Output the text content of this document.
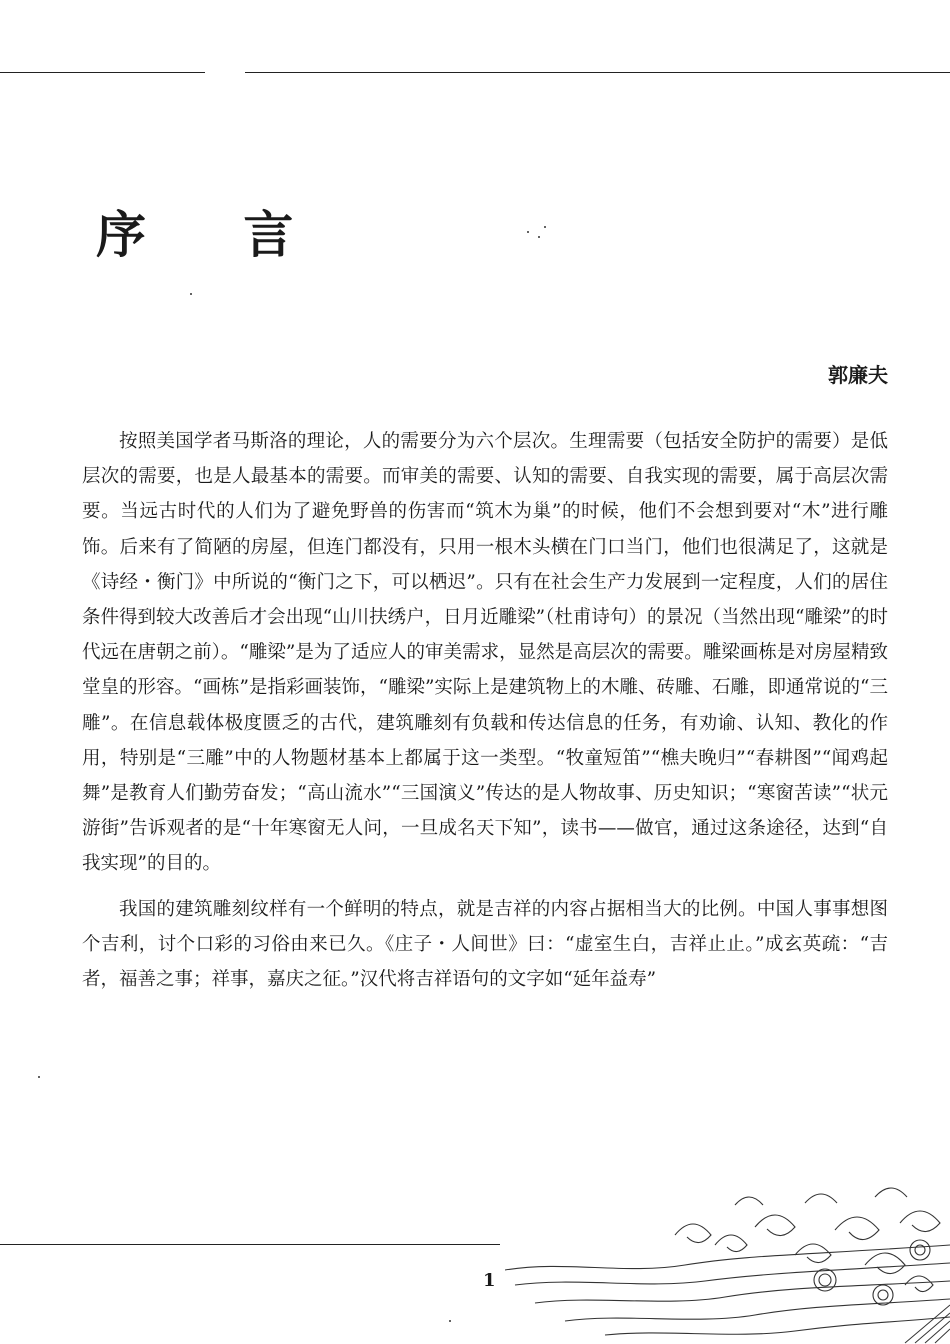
序 言
郭廉夫

按照美国学者马斯洛的理论，人的需要分为六个层次。生理需要（包括安全防护的需要）是低层次的需要，也是人最基本的需要。而审美的需要、认知的需要、自我实现的需要，属于高层次需要。当远古时代的人们为了避免野兽的伤害而“筑木为巢”的时候，他们不会想到要对“木”进行雕饰。后来有了简陋的房屋，但连门都没有，只用一根木头横在门口当门，他们也很满足了，这就是《诗经・衡门》中所说的“衡门之下，可以栖迟”。只有在社会生产力发展到一定程度，人们的居住条件得到较大改善后才会出现“山川扶绣户，日月近雕梁”（杜甫诗句）的景况（当然出现“雕梁”的时代远在唐朝之前）。“雕梁”是为了适应人的审美需求，显然是高层次的需要。雕梁画栋是对房屋精致堂皇的形容。“画栋”是指彩画装饰，“雕梁”实际上是建筑物上的木雕、砖雕、石雕，即通常说的“三雕”。在信息载体极度匮乏的古代，建筑雕刻有负载和传达信息的任务，有劝谕、认知、教化的作用，特别是“三雕”中的人物题材基本上都属于这一类型。“牧童短笛”“樵夫晚归”“春耕图”“闻鸡起舞”是教育人们勤劳奋发；“高山流水”“三国演义”传达的是人物故事、历史知识；“寒窗苦读”“状元游街”告诉观者的是“十年寒窗无人问，一旦成名天下知”，读书——做官，通过这条途径，达到“自我实现”的目的。

我国的建筑雕刻纹样有一个鲜明的特点，就是吉祥的内容占据相当大的比例。中国人事事想图个吉利，讨个口彩的习俗由来已久。《庄子・人间世》曰：“虚室生白，吉祥止止。”成玄英疏：“吉者，福善之事；祥事，嘉庆之征。”汉代将吉祥语句的文字如“延年益寿”

1
